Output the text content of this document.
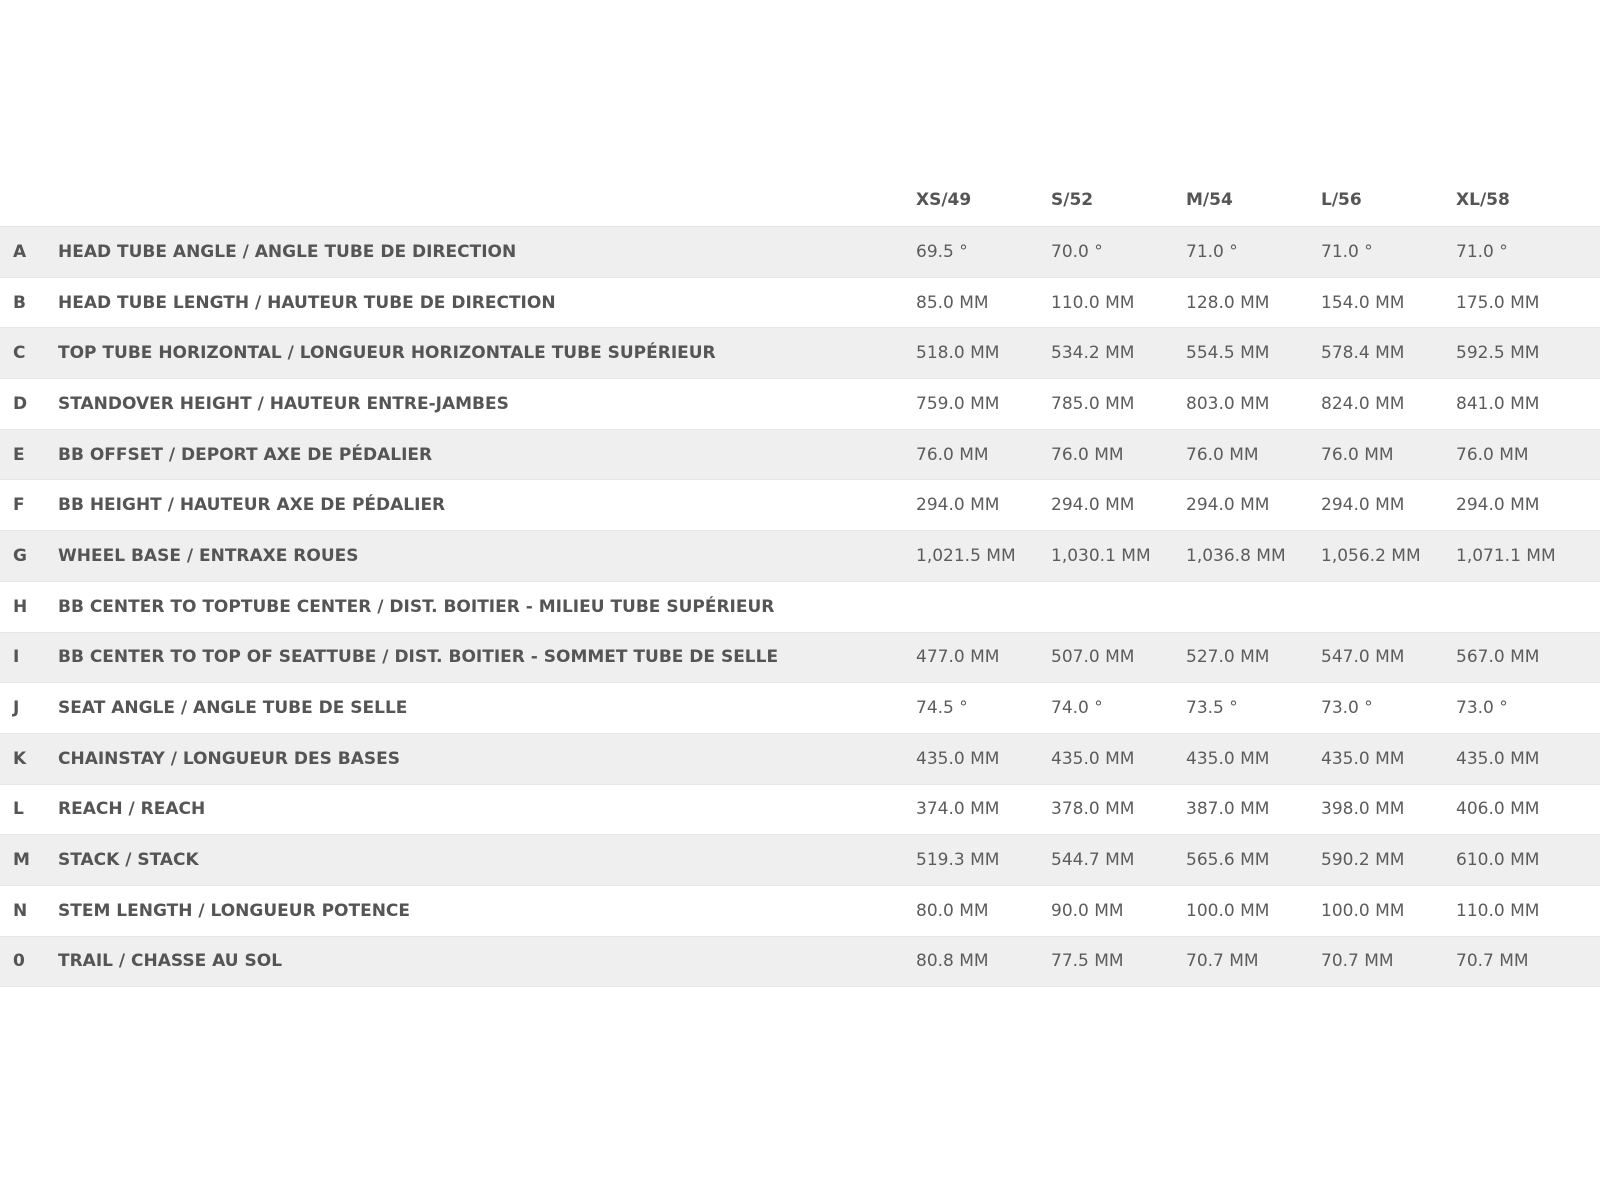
XS/49	S/52	M/54	L/56	XL/58
A HEAD TUBE ANGLE / ANGLE TUBE DE DIRECTION	69.5 °	70.0 °	71.0 °	71.0 °	71.0 °
B HEAD TUBE LENGTH / HAUTEUR TUBE DE DIRECTION	85.0 MM	110.0 MM	128.0 MM	154.0 MM	175.0 MM
C TOP TUBE HORIZONTAL / LONGUEUR HORIZONTALE TUBE SUPÉRIEUR	518.0 MM	534.2 MM	554.5 MM	578.4 MM	592.5 MM
D STANDOVER HEIGHT / HAUTEUR ENTRE-JAMBES	759.0 MM	785.0 MM	803.0 MM	824.0 MM	841.0 MM
E BB OFFSET / DEPORT AXE DE PÉDALIER	76.0 MM	76.0 MM	76.0 MM	76.0 MM	76.0 MM
F BB HEIGHT / HAUTEUR AXE DE PÉDALIER	294.0 MM	294.0 MM	294.0 MM	294.0 MM	294.0 MM
G WHEEL BASE / ENTRAXE ROUES	1,021.5 MM 1,030.1 MM 1,036.8 MM 1,056.2 MM 1,071.1 MM
H BB CENTER TO TOPTUBE CENTER / DIST. BOITIER - MILIEU TUBE SUPÉRIEUR
I BB CENTER TO TOP OF SEATTUBE / DIST. BOITIER - SOMMET TUBE DE SELLE	477.0 MM	507.0 MM	527.0 MM	547.0 MM	567.0 MM
J SEAT ANGLE / ANGLE TUBE DE SELLE	74.5 °	74.0 °	73.5 °	73.0 °	73.0 °
K CHAINSTAY / LONGUEUR DES BASES	435.0 MM	435.0 MM	435.0 MM	435.0 MM	435.0 MM
L REACH / REACH	374.0 MM	378.0 MM	387.0 MM	398.0 MM	406.0 MM
M STACK / STACK	519.3 MM	544.7 MM	565.6 MM	590.2 MM	610.0 MM
N STEM LENGTH / LONGUEUR POTENCE	80.0 MM	90.0 MM	100.0 MM	100.0 MM	110.0 MM
0 TRAIL / CHASSE AU SOL	80.8 MM	77.5 MM	70.7 MM	70.7 MM	70.7 MM
